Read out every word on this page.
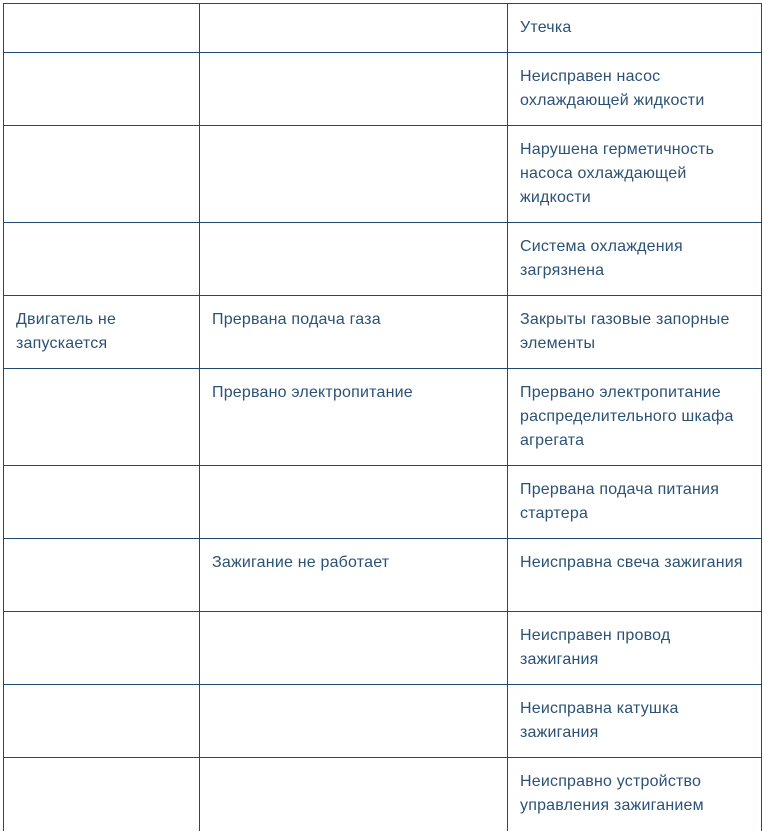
		Утечка
		Неисправен насос охлаждающей жидкости
		Нарушена герметичность насоса охлаждающей жидкости
		Система охлаждения загрязнена
Двигатель не запускается	Прервана подача газа	Закрыты газовые запорные элементы
	Прервано электропитание	Прервано электропитание распределительного шкафа агрегата
		Прервана подача питания стартера
	Зажигание не работает	Неисправна свеча зажигания
		Неисправен провод зажигания
		Неисправна катушка зажигания
		Неисправно устройство управления зажиганием
